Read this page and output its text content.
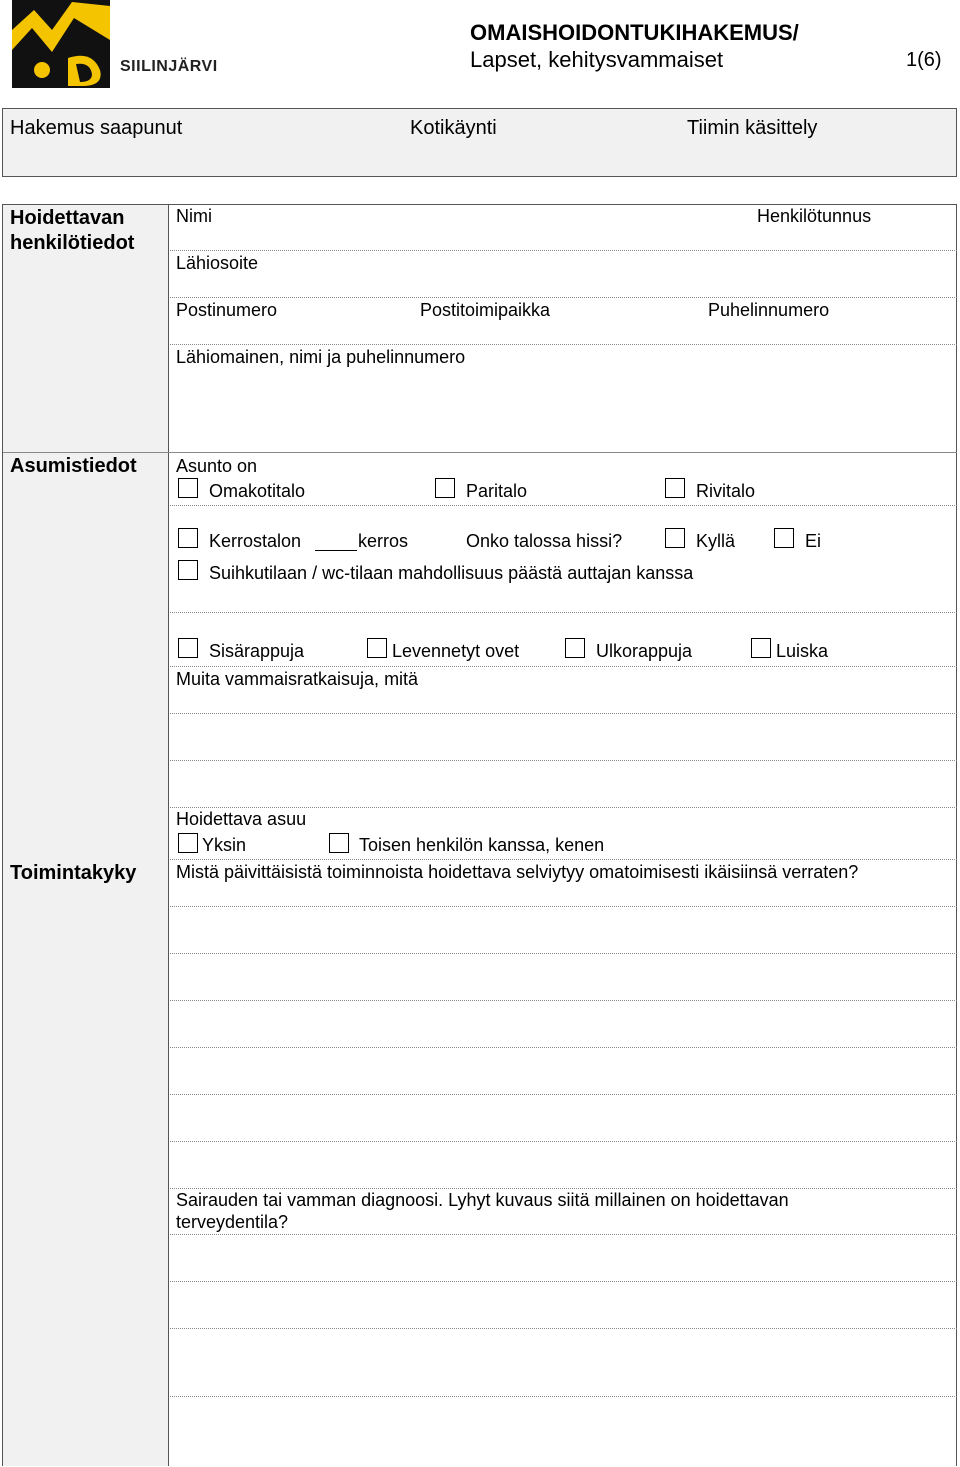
SIILINJÄRVI
OMAISHOIDONTUKIHAKEMUS/
Lapset, kehitysvammaiset	1(6)
Hakemus saapunut	Kotikäynti	Tiimin käsittely
Hoidettavan henkilötiedot
Nimi	Henkilötunnus
Lähiosoite
Postinumero	Postitoimipaikka	Puhelinnumero
Lähiomainen, nimi ja puhelinnumero
Asumistiedot Asunto on
Omakotitalo	Paritalo	Rivitalo
Kerrostalon	kerros	Onko talossa hissi?	Kyllä	Ei
Suihkutilaan / wc-tilaan mahdollisuus päästä auttajan kanssa
Sisärappuja	Levennetyt ovet	Ulkorappuja	Luiska
Muita vammaisratkaisuja, mitä
Hoidettava asuu
Yksin	Toisen henkilön kanssa, kenen
Toimintakyky Mistä päivittäisistä toiminnoista hoidettava selviytyy omatoimisesti ikäisiinsä verraten?
Sairauden tai vamman diagnoosi. Lyhyt kuvaus siitä millainen on hoidettavan
terveydentila?
